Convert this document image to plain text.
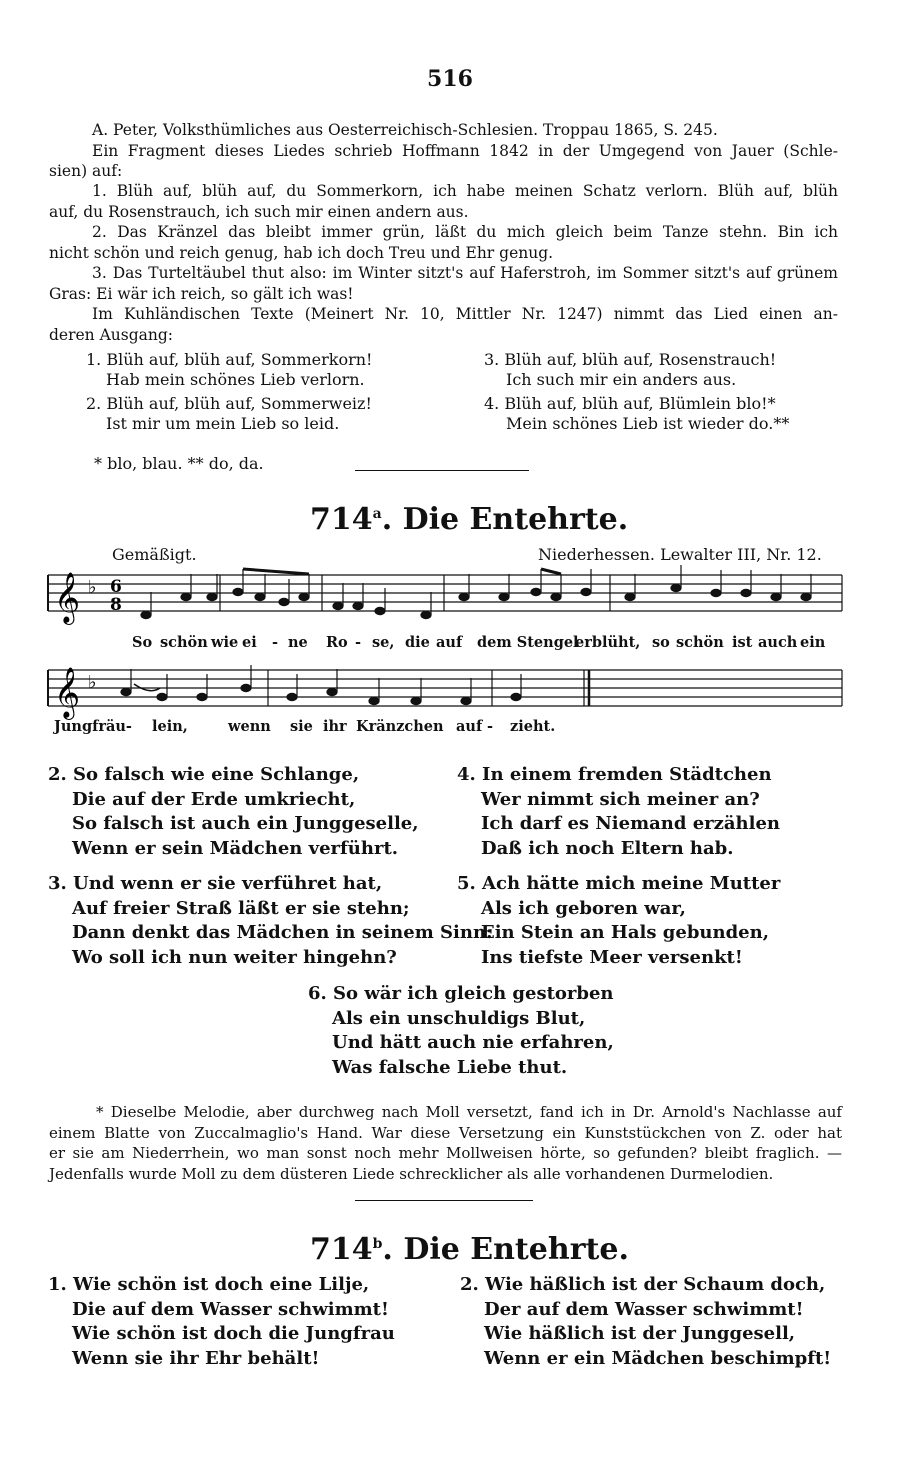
516
A. Peter, Volksthümliches aus Oesterreichisch-Schlesien. Troppau 1865, S. 245.
Ein Fragment dieses Liedes schrieb Hoffmann 1842 in der Umgegend von Jauer (Schle-
sien) auf:
1. Blüh auf, blüh auf, du Sommerkorn, ich habe meinen Schatz verlorn. Blüh auf, blüh
auf, du Rosenstrauch, ich such mir einen andern aus.
2. Das Kränzel das bleibt immer grün, läßt du mich gleich beim Tanze stehn. Bin ich
nicht schön und reich genug, hab ich doch Treu und Ehr genug.
3. Das Turteltäubel thut also: im Winter sitzt's auf Haferstroh, im Sommer sitzt's auf grünem
Gras: Ei wär ich reich, so gält ich was!
Im Kuhländischen Texte (Meinert Nr. 10, Mittler Nr. 1247) nimmt das Lied einen an-
deren Ausgang:
1. Blüh auf, blüh auf, Sommerkorn!
Hab mein schönes Lieb verlorn.
2. Blüh auf, blüh auf, Sommerweiz!
Ist mir um mein Lieb so leid.
3. Blüh auf, blüh auf, Rosenstrauch!
Ich such mir ein anders aus.
4. Blüh auf, blüh auf, Blümlein blo!*
Mein schönes Lieb ist wieder do.**
* blo, blau. ** do, da.
714$^a$. Die Entehrte.
Gemäßigt.	Niederhessen. Lewalter III, Nr. 12.
𝄞 ♭ 6
8
So schön wie ei - ne Ro - se, die auf dem Stengel
erblüht, so schön ist auch ein
𝄞 ♭
Jungfräu- lein,	wenn sie ihr Kränzchen auf - zieht.
2. So falsch wie eine Schlange,
Die auf der Erde umkriecht,
So falsch ist auch ein Junggeselle,
Wenn er sein Mädchen verführt.
3. Und wenn er sie verführet hat,
Auf freier Straß läßt er sie stehn;
Dann denkt das Mädchen in seinem Sinn:
Wo soll ich nun weiter hingehn?
4. In einem fremden Städtchen
Wer nimmt sich meiner an?
Ich darf es Niemand erzählen
Daß ich noch Eltern hab.
5. Ach hätte mich meine Mutter
Als ich geboren war,
Ein Stein an Hals gebunden,
Ins tiefste Meer versenkt!
6. So wär ich gleich gestorben
Als ein unschuldigs Blut,
Und hätt auch nie erfahren,
Was falsche Liebe thut.
* Dieselbe Melodie, aber durchweg nach Moll versetzt, fand ich in Dr. Arnold's Nachlasse auf
einem Blatte von Zuccalmaglio's Hand. War diese Versetzung ein Kunststückchen von Z. oder hat
er sie am Niederrhein, wo man sonst noch mehr Mollweisen hörte, so gefunden? bleibt fraglich. —
Jedenfalls wurde Moll zu dem düsteren Liede schrecklicher als alle vorhandenen Durmelodien.
714$^b$. Die Entehrte.
1. Wie schön ist doch eine Lilje,
Die auf dem Wasser schwimmt!
Wie schön ist doch die Jungfrau
Wenn sie ihr Ehr behält!
2. Wie häßlich ist der Schaum doch,
Der auf dem Wasser schwimmt!
Wie häßlich ist der Junggesell,
Wenn er ein Mädchen beschimpft!
